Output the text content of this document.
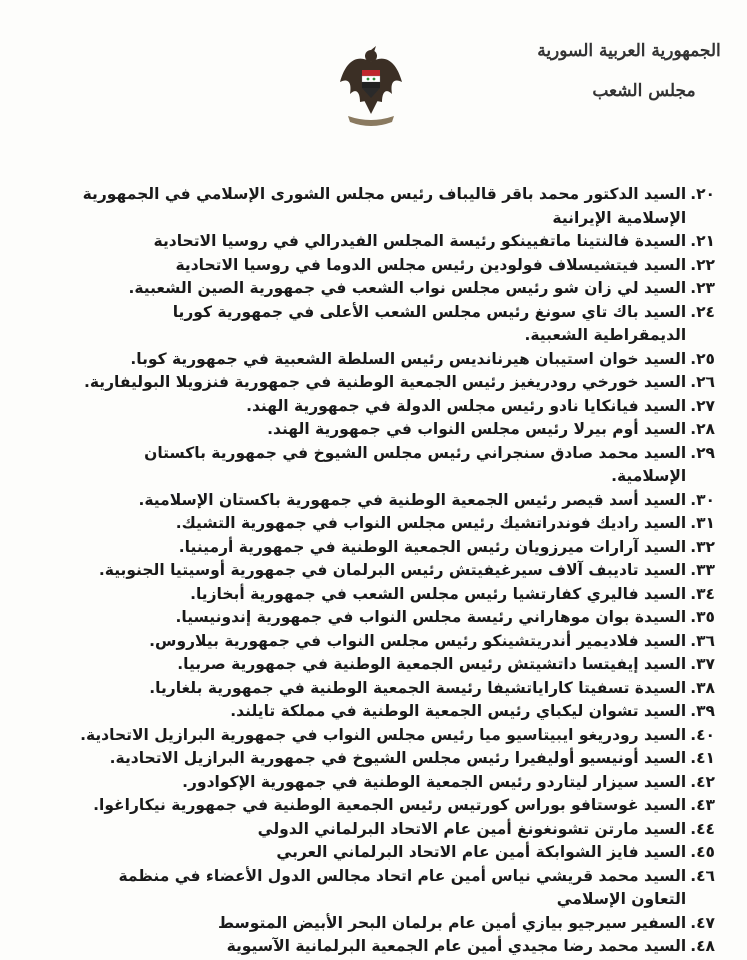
الجمهورية العربية السورية
مجلس الشعب
٢٠.
السيد الدكتور محمد باقر قاليباف رئيس مجلس الشورى الإسلامي في الجمهورية الإسلامية الإيرانية
٢١.
السيدة فالنتينا ماتفيينكو رئيسة المجلس الفيدرالي في روسيا الاتحادية
٢٢.
السيد فيتشيسلاف فولودين رئيس مجلس الدوما في روسيا الاتحادية
٢٣.
السيد لي زان شو رئيس مجلس نواب الشعب في جمهورية الصين الشعبية.
٢٤.
السيد باك تاي سونغ رئيس مجلس الشعب الأعلى في جمهورية كوريا الديمقراطية الشعبية.
٢٥.
السيد خوان استيبان هيرنانديس رئيس السلطة الشعبية في جمهورية كوبا.
٢٦.
السيد خورخي رودريغيز رئيس الجمعية الوطنية في جمهورية فنزويلا البوليفارية.
٢٧.
السيد فيانكايا نادو رئيس مجلس الدولة في جمهورية الهند.
٢٨.
السيد أوم بيرلا رئيس مجلس النواب في جمهورية الهند.
٢٩.
السيد محمد صادق سنجراني رئيس مجلس الشيوخ في جمهورية باكستان الإسلامية.
٣٠.
السيد أسد قيصر رئيس الجمعية الوطنية في جمهورية باكستان الإسلامية.
٣١.
السيد راديك فوندراتشيك رئيس مجلس النواب في جمهورية التشيك.
٣٢.
السيد آرارات ميرزويان رئيس الجمعية الوطنية في جمهورية أرمينيا.
٣٣.
السيد تاديبف آلاف سيرغيفيتش رئيس البرلمان في جمهورية أوسيتيا الجنوبية.
٣٤.
السيد فاليري كفارتشيا رئيس مجلس الشعب في جمهورية أبخازيا.
٣٥.
السيدة بوان موهاراني رئيسة مجلس النواب في جمهورية إندونيسيا.
٣٦.
السيد فلاديمير أندريتشينكو رئيس مجلس النواب في جمهورية بيلاروس.
٣٧.
السيد إيفيتسا داتشيتش رئيس الجمعية الوطنية في جمهورية صربيا.
٣٨.
السيدة تسفيتا كاراياتشيفا رئيسة الجمعية الوطنية في جمهورية بلغاريا.
٣٩.
السيد تشوان ليكباي رئيس الجمعية الوطنية في مملكة تايلند.
٤٠.
السيد رودريغو ايبيتاسيو ميا رئيس مجلس النواب في جمهورية البرازيل الاتحادية.
٤١.
السيد أونيسيو أوليفيرا رئيس مجلس الشيوخ في جمهورية البرازيل الاتحادية.
٤٢.
السيد سيزار ليتاردو رئيس الجمعية الوطنية في جمهورية الإكوادور.
٤٣.
السيد غوستافو بوراس كورتيس رئيس الجمعية الوطنية في جمهورية نيكاراغوا.
٤٤.
السيد مارتن تشونغونغ أمين عام الاتحاد البرلماني الدولي
٤٥.
السيد فايز الشوابكة أمين عام الاتحاد البرلماني العربي
٤٦.
السيد محمد قريشي نياس أمين عام اتحاد مجالس الدول الأعضاء في منظمة التعاون الإسلامي
٤٧.
السفير سيرجيو بيازي أمين عام برلمان البحر الأبيض المتوسط
٤٨.
السيد محمد رضا مجيدي أمين عام الجمعية البرلمانية الآسيوية
